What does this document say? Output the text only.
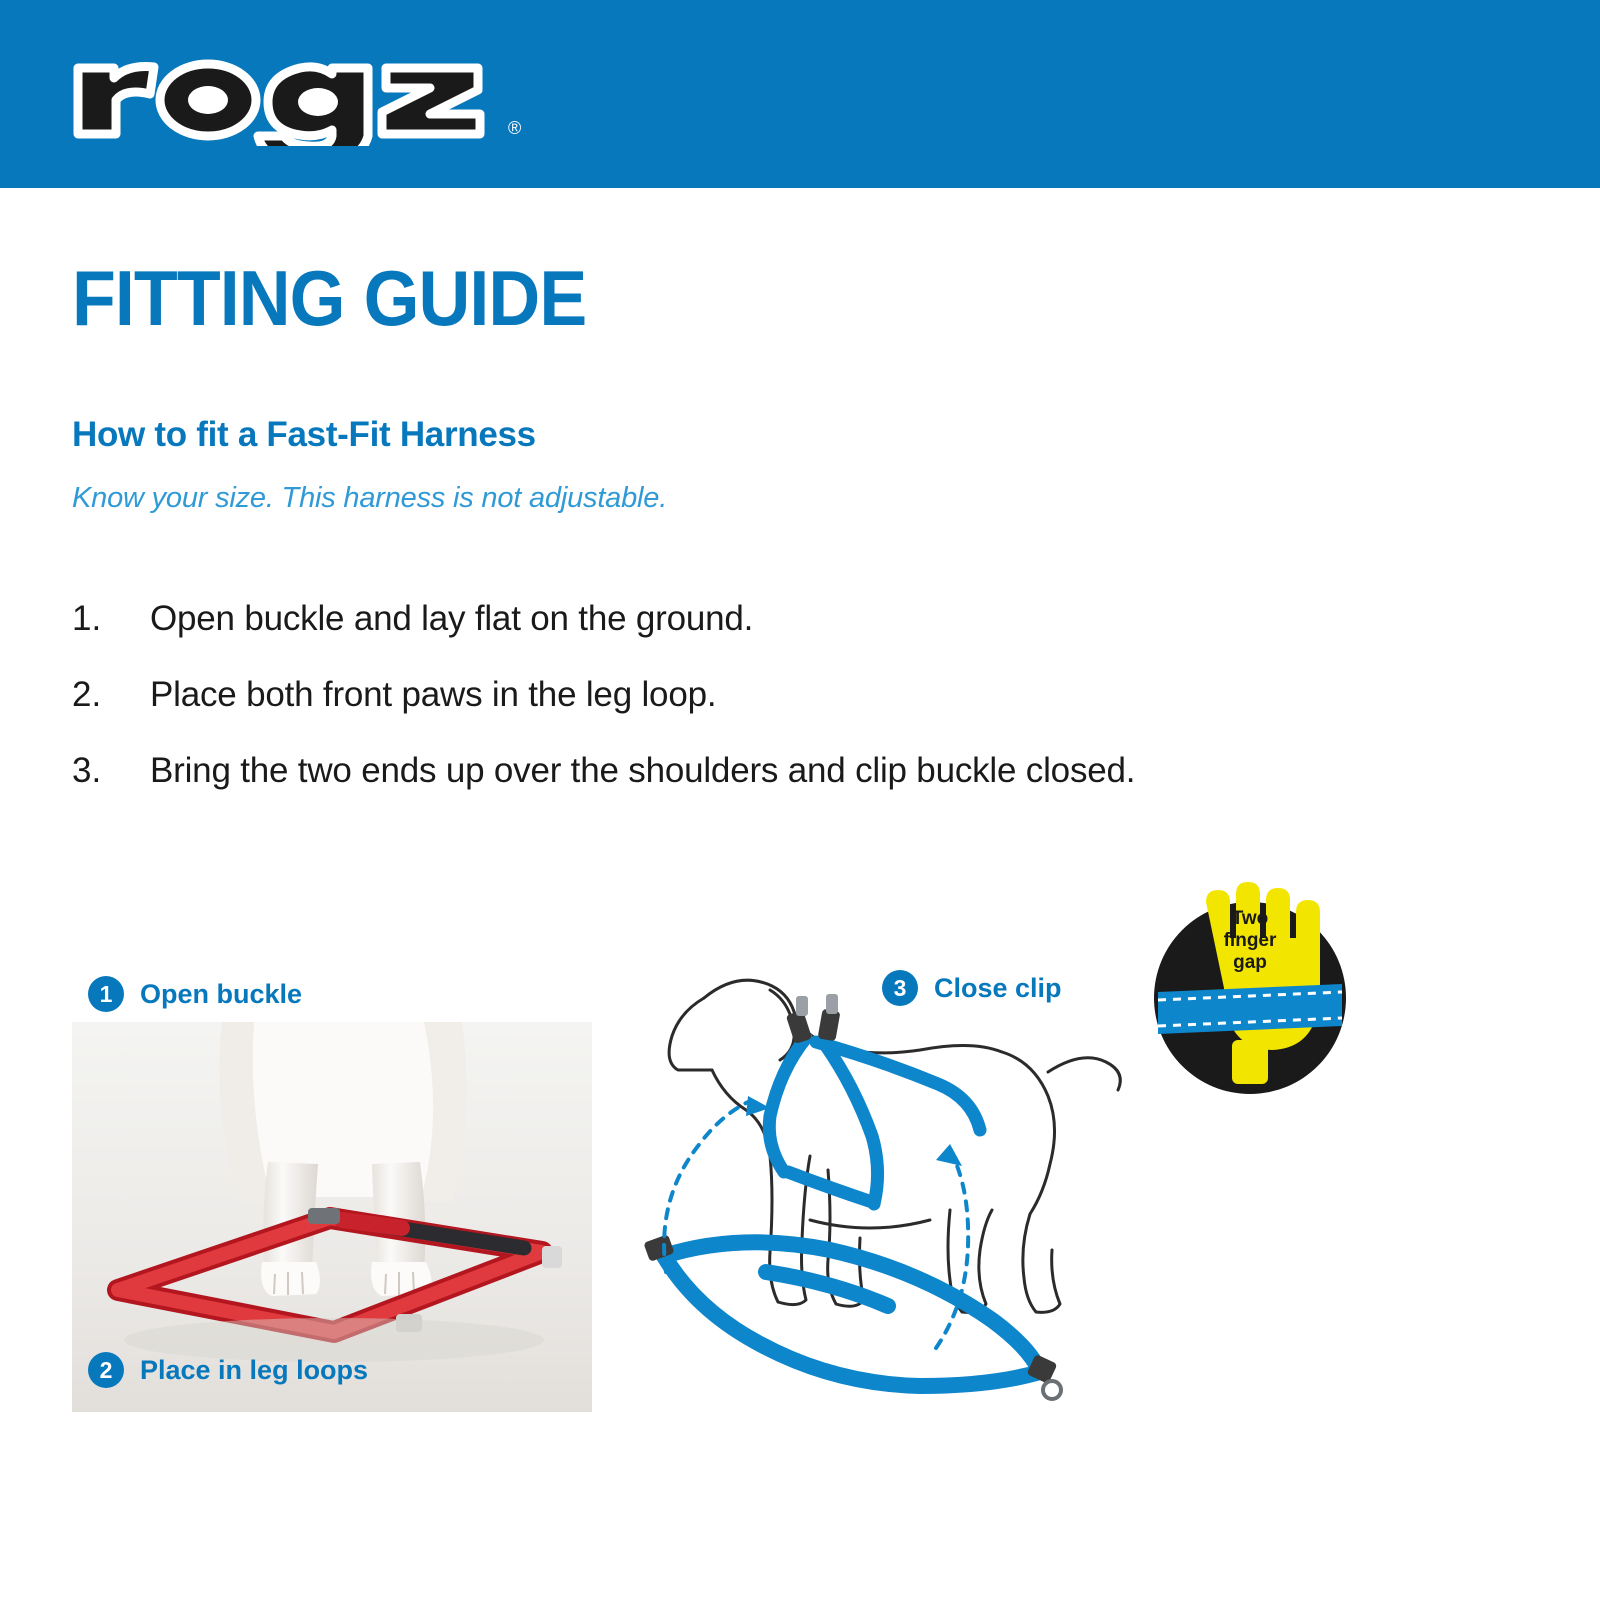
®
FITTING GUIDE
How to fit a Fast-Fit Harness
Know your size. This harness is not adjustable.
1.	Open buckle and lay flat on the ground.
2.	Place both front paws in the leg loop.
3.	Bring the two ends up over the shoulders and clip buckle closed.
1	Open buckle
2	Place in leg loops
3	Close clip
Two
finger
gap
